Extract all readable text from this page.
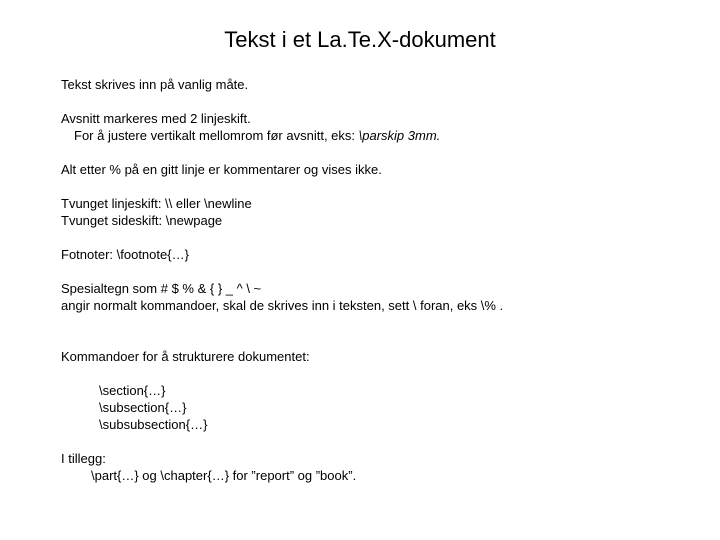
Tekst i et La.Te.X-dokument
Tekst skrives inn på vanlig måte.
Avsnitt markeres med 2 linjeskift.
For å justere vertikalt mellomrom før avsnitt, eks: \parskip 3mm.
Alt etter % på en gitt linje er kommentarer og vises ikke.
Tvunget linjeskift: \\ eller \newline
Tvunget sideskift: \newpage
Fotnoter: \footnote{…}
Spesialtegn som # $ % & { } _ ^ \ ~
angir normalt kommandoer, skal de skrives inn i teksten, sett \ foran, eks \% .
Kommandoer for å strukturere dokumentet:
\section{…}
\subsection{…}
\subsubsection{…}
I tillegg:
\part{…} og \chapter{…} for ”report” og ”book”.
